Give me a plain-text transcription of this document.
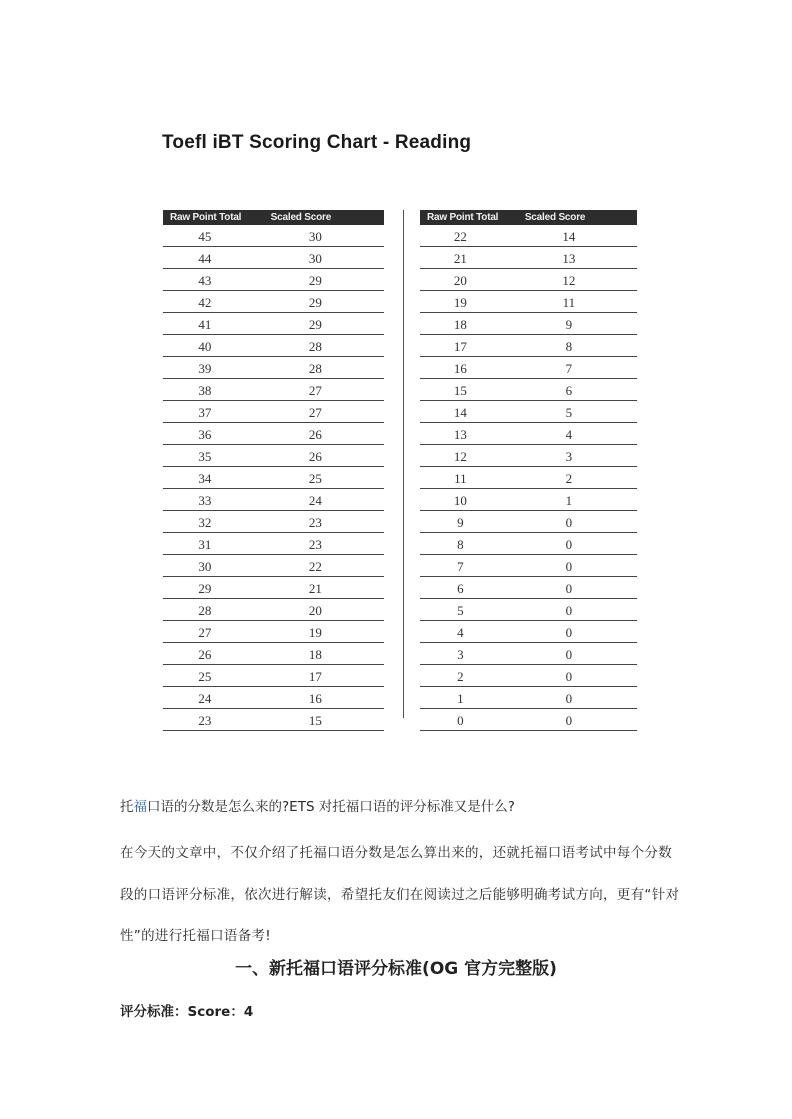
Toefl iBT Scoring Chart - Reading
Raw Point Total	Scaled Score
45	30
44	30
43	29
42	29
41	29
40	28
39	28
38	27
37	27
36	26
35	26
34	25
33	24
32	23
31	23
30	22
29	21
28	20
27	19
26	18
25	17
24	16
23	15
Raw Point Total	Scaled Score
22	14
21	13
20	12
19	11
18	9
17	8
16	7
15	6
14	5
13	4
12	3
11	2
10	1
9	0
8	0
7	0
6	0
5	0
4	0
3	0
2	0
1	0
0	0

托福口语的分数是怎么来的?ETS 对托福口语的评分标准又是什么?

在今天的文章中，不仅介绍了托福口语分数是怎么算出来的，还就托福口语考试中每个分数段的口语评分标准，依次进行解读，希望托友们在阅读过之后能够明确考试方向，更有“针对性”的进行托福口语备考!

一、新托福口语评分标准(OG 官方完整版)

评分标准：Score：4
